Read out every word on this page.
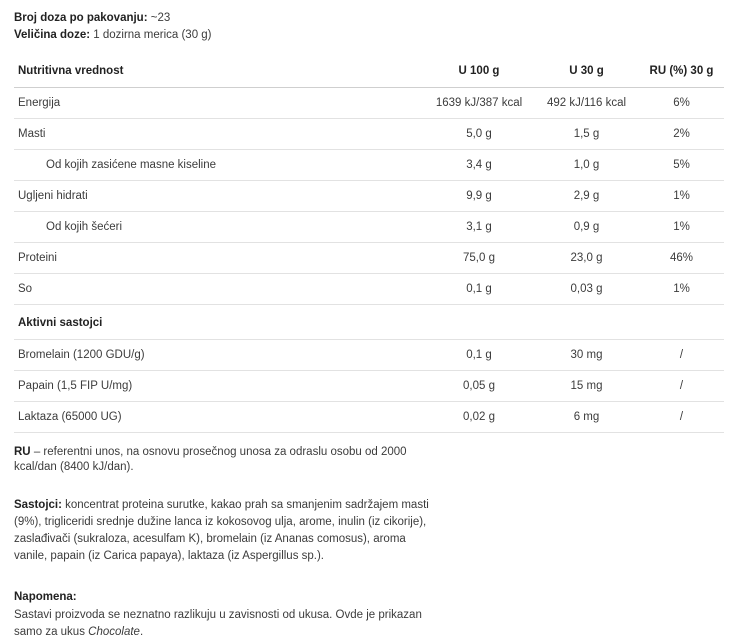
Broj doza po pakovanju: ~23
Veličina doze: 1 dozirna merica (30 g)
Nutritivna vrednost	U 100 g	U 30 g	RU (%) 30 g
Energija	1639 kJ/387 kcal	492 kJ/116 kcal	6%
Masti	5,0 g	1,5 g	2%
Od kojih zasićene masne kiseline	3,4 g	1,0 g	5%
Ugljeni hidrati	9,9 g	2,9 g	1%
Od kojih šećeri	3,1 g	0,9 g	1%
Proteini	75,0 g	23,0 g	46%
So	0,1 g	0,03 g	1%
Aktivni sastojci			
Bromelain (1200 GDU/g)	0,1 g	30 mg	/
Papain (1,5 FIP U/mg)	0,05 g	15 mg	/
Laktaza (65000 UG)	0,02 g	6 mg	/
RU – referentni unos, na osnovu prosečnog unosa za odraslu osobu od 2000 kcal/dan (8400 kJ/dan).
Sastojci: koncentrat proteina surutke, kakao prah sa smanjenim sadržajem masti (9%), trigliceridi srednje dužine lanca iz kokosovog ulja, arome, inulin (iz cikorije), zaslađivači (sukraloza, acesulfam K), bromelain (iz Ananas comosus), aroma vanile, papain (iz Carica papaya), laktaza (iz Aspergillus sp.).
Napomena:
Sastavi proizvoda se neznatno razlikuju u zavisnosti od ukusa. Ovde je prikazan samo za ukus Chocolate.
